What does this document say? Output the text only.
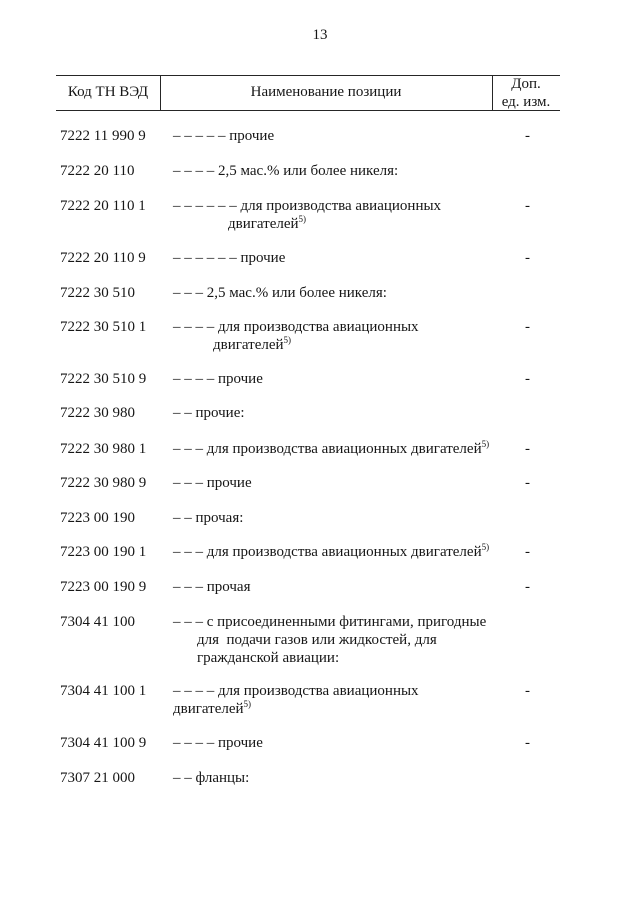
13
Код ТН ВЭД	Наименование позиции	Доп.
ед. изм.
7222 11 990 9 – – – – – прочие	-
7222 20 110	– – – – 2,5 мас.% или более никеля:
7222 20 110 1 – – – – – – для производства авиационных
двигателей$^{5)}$
-
7222 20 110 9 – – – – – – прочие	-
7222 30 510	– – – 2,5 мас.% или более никеля:
7222 30 510 1 – – – – для производства авиационных
двигателей$^{5)}$
-
7222 30 510 9 – – – – прочие	-
7222 30 980	– – прочие:
7222 30 980 1 – – – для производства авиационных двигателей$^{5)}$ -
7222 30 980 9 – – – прочие	-
7223 00 190	– – прочая:
7223 00 190 1 – – – для производства авиационных двигателей$^{5)}$ -
7223 00 190 9 – – – прочая	-
7304 41 100	– – – с присоединенными фитингами, пригодные
для  подачи газов или жидкостей, для
гражданской авиации:
7304 41 100 1 – – – – для производства авиационных
двигателей$^{5)}$
-
7304 41 100 9 – – – – прочие	-
7307 21 000	– – фланцы:
